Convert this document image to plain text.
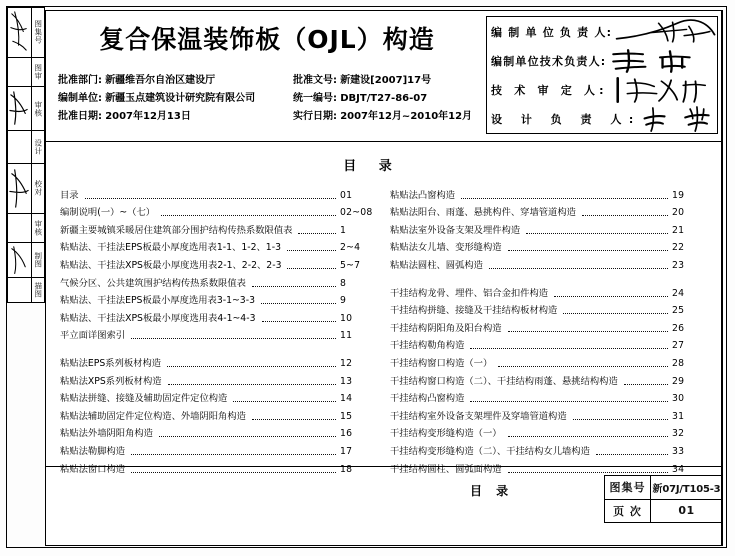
图集号
图审
审核
设计
校对
审核
制图
描图
复合保温装饰板（OJL）构造
批准部门: 新疆维吾尔自治区建设厅	批准文号: 新建设[2007]17号
编制单位: 新疆玉点建筑设计研究院有限公司	统一编号: DBJT/T27-86-07
批准日期: 2007年12月13日	实行日期: 2007年12月~2010年12月
编 制 单 位 负 责 人:
编制单位技术负责人:
技 术 审 定 人:
设 计 负 责 人:
目 录
目录	01
编制说明(一）~（七）	02~08
新疆主要城镇采暖居住建筑部分围护结构传热系数限值表	1
粘贴法、干挂法EPS板最小厚度选用表1-1、1-2、1-3	2~4
粘贴法、干挂法XPS板最小厚度选用表2-1、2-2、2-3	5~7
气候分区、公共建筑围护结构传热系数限值表	8
粘贴法、干挂法EPS板最小厚度选用表3-1~3-3	9
粘贴法、干挂法XPS板最小厚度选用表4-1~4-3	10
平立面详图索引	11
粘贴法EPS系列板材构造	12
粘贴法XPS系列板材构造	13
粘贴法拼缝、接缝及辅助固定件定位构造	14
粘贴法辅助固定件定位构造、外墙阴阳角构造	15
粘贴法外墙阴阳角构造	16
粘贴法勒脚构造	17
粘贴法窗口构造	18
粘贴法凸窗构造	19
粘贴法阳台、雨蓬、悬挑构件、穿墙管道构造	20
粘贴法室外设备支架及埋件构造	21
粘贴法女儿墙、变形缝构造	22
粘贴法圆柱、圆弧构造	23
干挂结构龙骨、埋件、铝合金扣件构造	24
干挂结构拼缝、接缝及干挂结构板材构造	25
干挂结构阴阳角及阳台构造	26
干挂结构勒角构造	27
干挂结构窗口构造（一）	28
干挂结构窗口构造（二）、干挂结构雨蓬、悬挑结构构造	29
干挂结构凸窗构造	30
干挂结构室外设备支架埋件及穿墙管道构造	31
干挂结构变形缝构造（一）	32
干挂结构变形缝构造（二）、干挂结构女儿墙构造	33
干挂结构圆柱、圆弧面构造	34
目 录	图集号 新07J/T105-3
页 次	01
